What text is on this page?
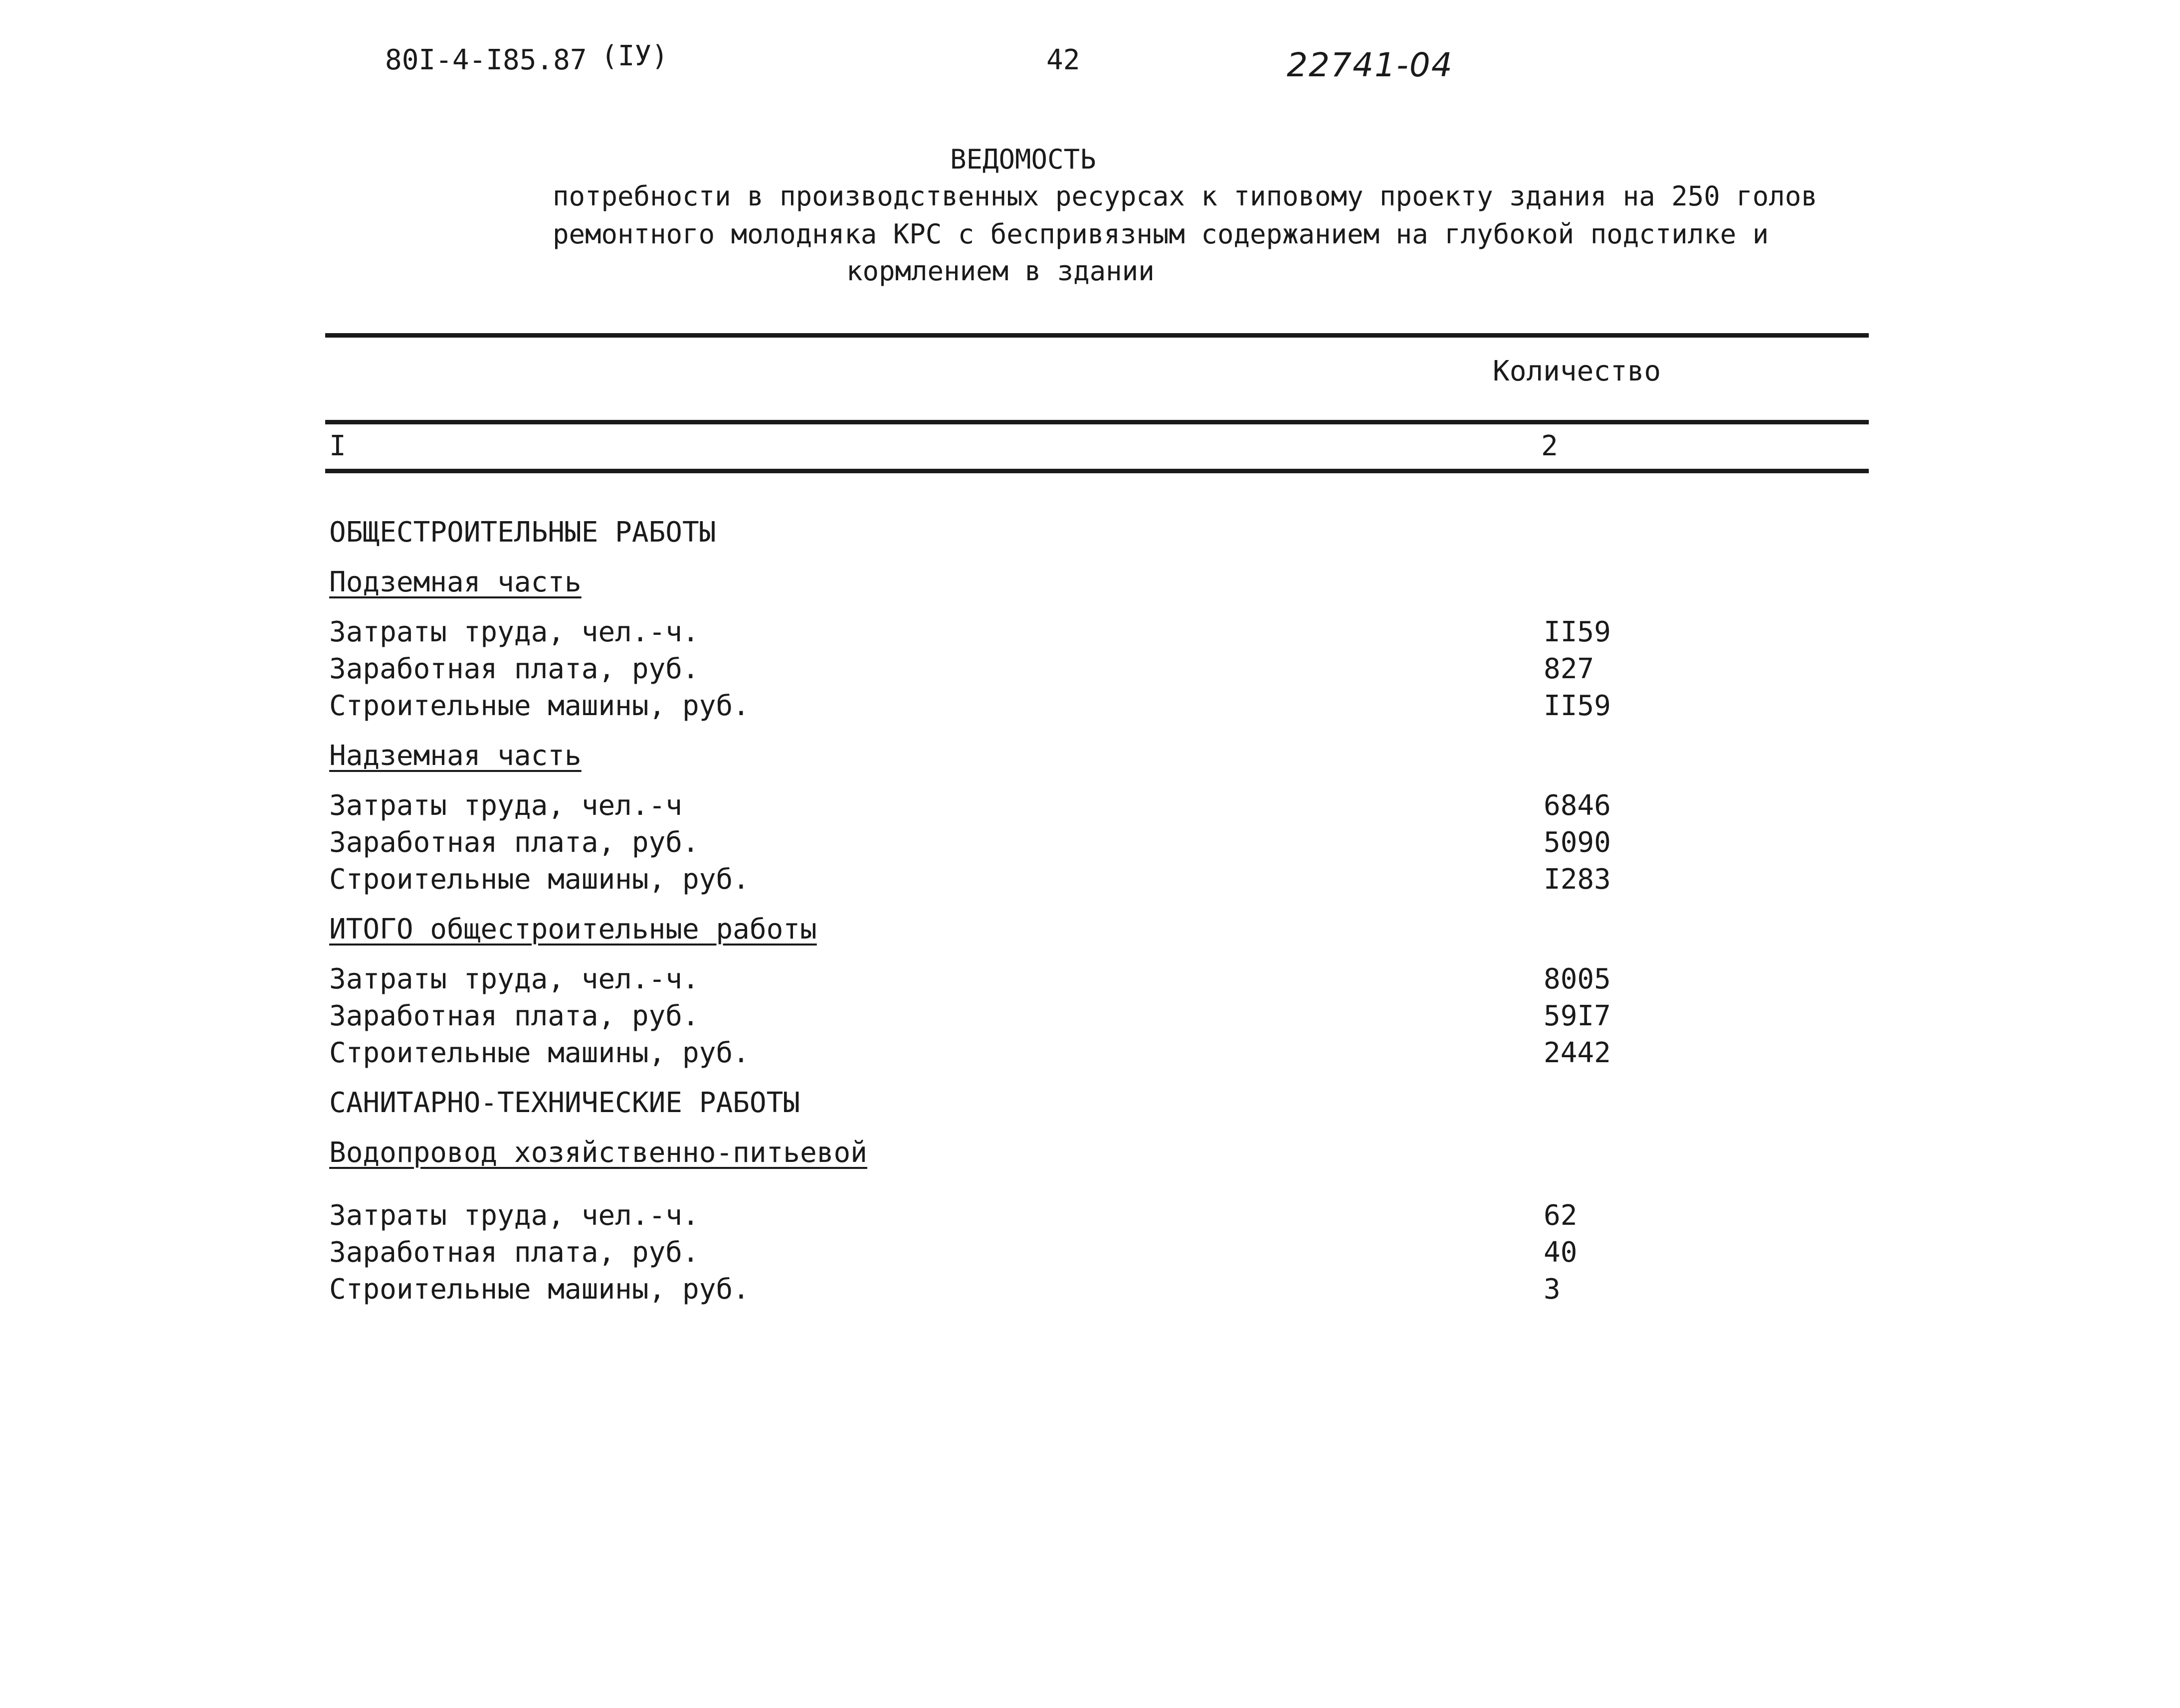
80I-4-I85.87 (IУ)	42	22741-04
ВЕДОМОСТЬ
потребности в производственных ресурсах к типовому проекту здания на 250 голов
ремонтного молодняка КРС с беспривязным содержанием на глубокой подстилке и
кормлением в здании
Количество
I	2
ОБЩЕСТРОИТЕЛЬНЫЕ РАБОТЫ
Подземная часть
Затраты труда, чел.-ч.	II59
Заработная плата, руб.	827
Строительные машины, руб.	II59
Надземная часть
Затраты труда, чел.-ч	6846
Заработная плата, руб.	5090
Строительные машины, руб.	I283
ИТОГО общестроительные работы
Затраты труда, чел.-ч.	8005
Заработная плата, руб.	59I7
Строительные машины, руб.	2442
САНИТАРНО-ТЕХНИЧЕСКИЕ РАБОТЫ
Водопровод хозяйственно-питьевой
Затраты труда, чел.-ч.	62
Заработная плата, руб.	40
Строительные машины, руб.	3
